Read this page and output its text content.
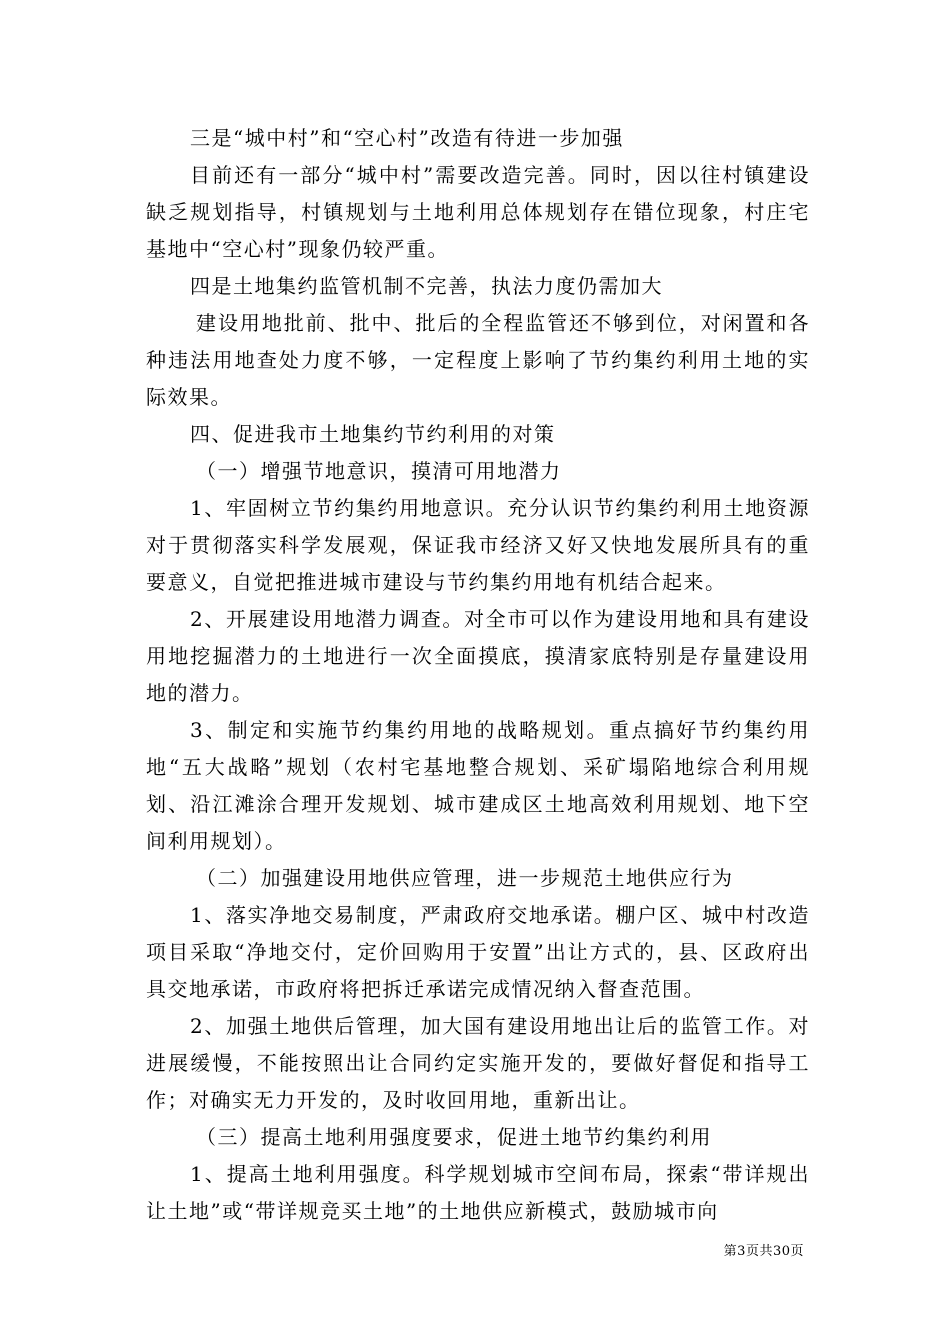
三是“城中村”和“空心村”改造有待进一步加强

目前还有一部分“城中村”需要改造完善。同时，因以往村镇建设缺乏规划指导，村镇规划与土地利用总体规划存在错位现象，村庄宅基地中“空心村”现象仍较严重。

四是土地集约监管机制不完善，执法力度仍需加大

建设用地批前、批中、批后的全程监管还不够到位，对闲置和各种违法用地查处力度不够，一定程度上影响了节约集约利用土地的实际效果。

四、促进我市土地集约节约利用的对策

（一）增强节地意识，摸清可用地潜力

1、牢固树立节约集约用地意识。充分认识节约集约利用土地资源对于贯彻落实科学发展观，保证我市经济又好又快地发展所具有的重要意义，自觉把推进城市建设与节约集约用地有机结合起来。

2、开展建设用地潜力调查。对全市可以作为建设用地和具有建设用地挖掘潜力的土地进行一次全面摸底，摸清家底特别是存量建设用地的潜力。

3、制定和实施节约集约用地的战略规划。重点搞好节约集约用地“五大战略”规划（农村宅基地整合规划、采矿塌陷地综合利用规划、沿江滩涂合理开发规划、城市建成区土地高效利用规划、地下空间利用规划）。

（二）加强建设用地供应管理，进一步规范土地供应行为

1、落实净地交易制度，严肃政府交地承诺。棚户区、城中村改造项目采取“净地交付，定价回购用于安置”出让方式的，县、区政府出具交地承诺，市政府将把拆迁承诺完成情况纳入督查范围。

2、加强土地供后管理，加大国有建设用地出让后的监管工作。对进展缓慢，不能按照出让合同约定实施开发的，要做好督促和指导工作；对确实无力开发的，及时收回用地，重新出让。

（三）提高土地利用强度要求，促进土地节约集约利用

1、提高土地利用强度。科学规划城市空间布局，探索“带详规出让土地”或“带详规竞买土地”的土地供应新模式，鼓励城市向

第3页共30页
